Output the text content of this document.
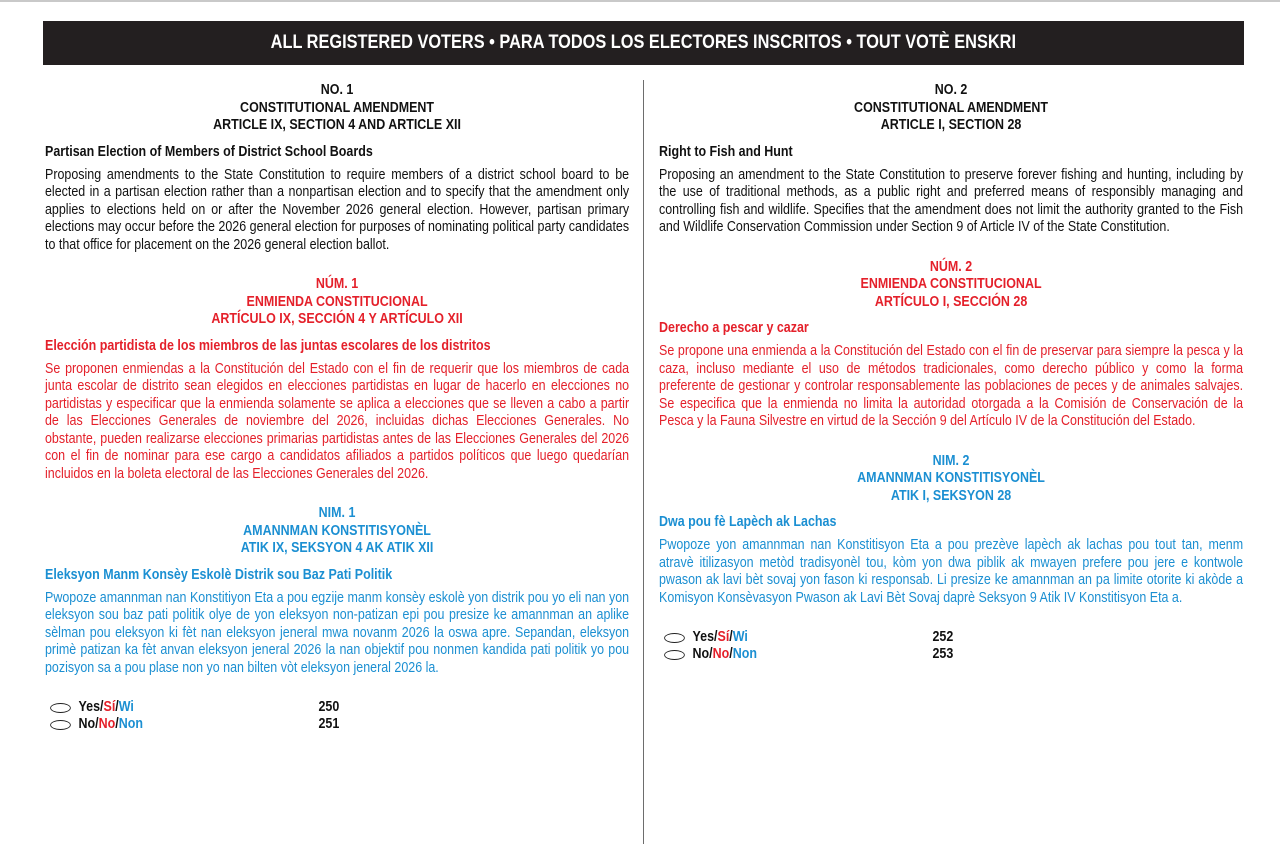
ALL REGISTERED VOTERS • PARA TODOS LOS ELECTORES INSCRITOS • TOUT VOTÈ ENSKRI
NO. 1
CONSTITUTIONAL AMENDMENT
ARTICLE IX, SECTION 4 AND ARTICLE XII
Partisan Election of Members of District School Boards
Proposing amendments to the State Constitution to require members of a district school board to be elected in a partisan election rather than a nonpartisan election and to specify that the amendment only applies to elections held on or after the November 2026 general election. However, partisan primary elections may occur before the 2026 general election for purposes of nominating political party candidates to that office for placement on the 2026 general election ballot.
NÚM. 1
ENMIENDA CONSTITUCIONAL
ARTÍCULO IX, SECCIÓN 4 Y ARTÍCULO XII
Elección partidista de los miembros de las juntas escolares de los distritos
Se proponen enmiendas a la Constitución del Estado con el fin de requerir que los miembros de cada junta escolar de distrito sean elegidos en elecciones partidistas en lugar de hacerlo en elecciones no partidistas y especificar que la enmienda solamente se aplica a elecciones que se lleven a cabo a partir de las Elecciones Generales de noviembre del 2026, incluidas dichas Elecciones Generales. No obstante, pueden realizarse elecciones primarias partidistas antes de las Elecciones Generales del 2026 con el fin de nominar para ese cargo a candidatos afiliados a partidos políticos que luego quedarían incluidos en la boleta electoral de las Elecciones Generales del 2026.
NIM. 1
AMANNMAN KONSTITISYONÈL
ATIK IX, SEKSYON 4 AK ATIK XII
Eleksyon Manm Konsèy Eskolè Distrik sou Baz Pati Politik
Pwopoze amannman nan Konstitiyon Eta a pou egzije manm konsèy eskolè yon distrik pou yo eli nan yon eleksyon sou baz pati politik olye de yon eleksyon non-patizan epi pou presize ke amannman an aplike sèlman pou eleksyon ki fèt nan eleksyon jeneral mwa novanm 2026 la oswa apre. Sepandan, eleksyon primè patizan ka fèt anvan eleksyon jeneral 2026 la nan objektif pou nonmen kandida pati politik yo pou pozisyon sa a pou plase non yo nan bilten vòt eleksyon jeneral 2026 la.
Yes/Sí/Wi	250
No/No/Non	251
NO. 2
CONSTITUTIONAL AMENDMENT
ARTICLE I, SECTION 28
Right to Fish and Hunt
Proposing an amendment to the State Constitution to preserve forever fishing and hunting, including by the use of traditional methods, as a public right and preferred means of responsibly managing and controlling fish and wildlife. Specifies that the amendment does not limit the authority granted to the Fish and Wildlife Conservation Commission under Section 9 of Article IV of the State Constitution.
NÚM. 2
ENMIENDA CONSTITUCIONAL
ARTÍCULO I, SECCIÓN 28
Derecho a pescar y cazar
Se propone una enmienda a la Constitución del Estado con el fin de preservar para siempre la pesca y la caza, incluso mediante el uso de métodos tradicionales, como derecho público y como la forma preferente de gestionar y controlar responsablemente las poblaciones de peces y de animales salvajes. Se especifica que la enmienda no limita la autoridad otorgada a la Comisión de Conservación de la Pesca y la Fauna Silvestre en virtud de la Sección 9 del Artículo IV de la Constitución del Estado.
NIM. 2
AMANNMAN KONSTITISYONÈL
ATIK I, SEKSYON 28
Dwa pou fè Lapèch ak Lachas
Pwopoze yon amannman nan Konstitisyon Eta a pou prezève lapèch ak lachas pou tout tan, menm atravè itilizasyon metòd tradisyonèl tou, kòm yon dwa piblik ak mwayen prefere pou jere e kontwole pwason ak lavi bèt sovaj yon fason ki responsab. Li presize ke amannman an pa limite otorite ki akòde a Komisyon Konsèvasyon Pwason ak Lavi Bèt Sovaj daprè Seksyon 9 Atik IV Konstitisyon Eta a.
Yes/Sí/Wi	252
No/No/Non	253
